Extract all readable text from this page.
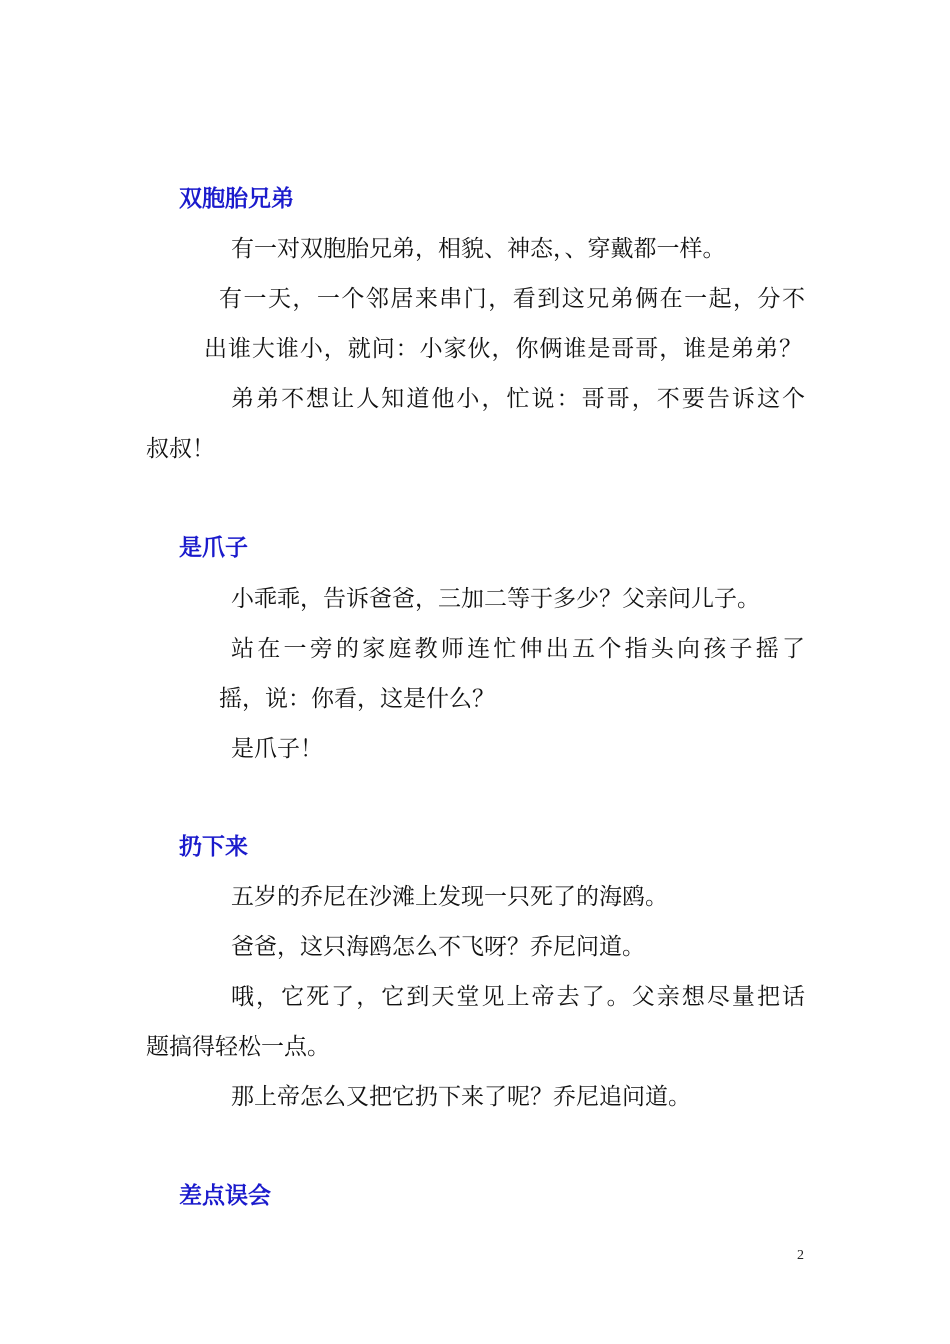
双胞胎兄弟
有一对双胞胎兄弟，相貌、神态，、穿戴都一样。
有一天，一个邻居来串门，看到这兄弟俩在一起，分不
出谁大谁小，就问：小家伙，你俩谁是哥哥，谁是弟弟？
弟弟不想让人知道他小，忙说：哥哥，不要告诉这个
叔叔！
是爪子
小乖乖，告诉爸爸，三加二等于多少？父亲问儿子。
站在一旁的家庭教师连忙伸出五个指头向孩子摇了
摇，说：你看，这是什么？
是爪子！
扔下来
五岁的乔尼在沙滩上发现一只死了的海鸥。
爸爸，这只海鸥怎么不飞呀？乔尼问道。
哦，它死了，它到天堂见上帝去了。父亲想尽量把话
题搞得轻松一点。
那上帝怎么又把它扔下来了呢？乔尼追问道。
差点误会
2
